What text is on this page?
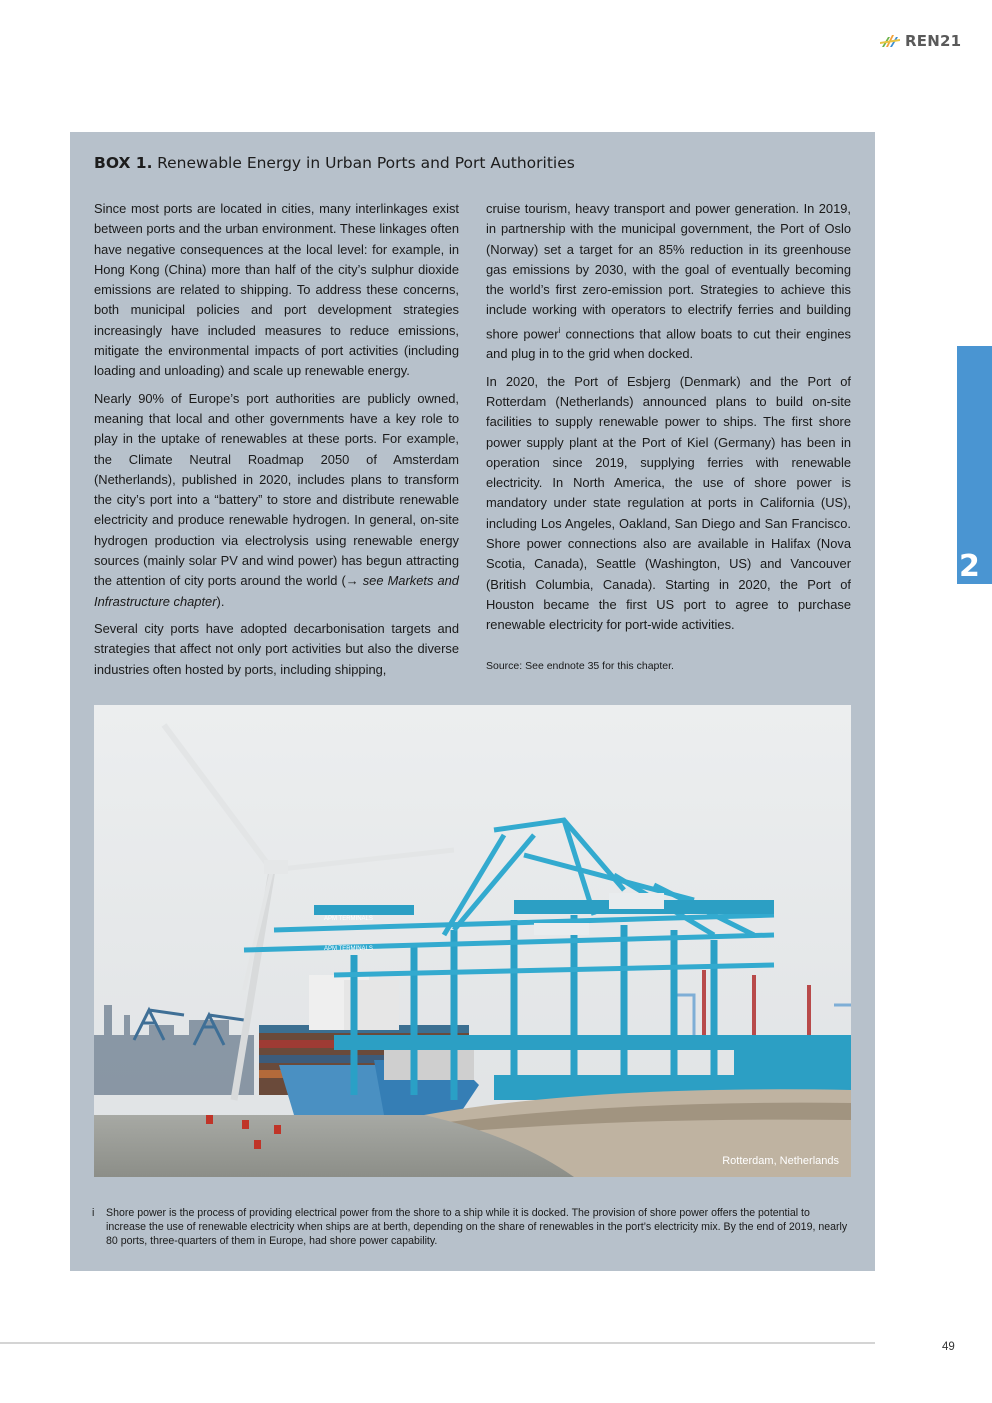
REN21
2
BOX 1. Renewable Energy in Urban Ports and Port Authorities

Since most ports are located in cities, many interlinkages exist between ports and the urban environment. These linkages often have negative consequences at the local level: for example, in Hong Kong (China) more than half of the city’s sulphur dioxide emissions are related to shipping. To address these concerns, both municipal policies and port development strategies increasingly have included measures to reduce emissions, mitigate the environmental impacts of port activities (including loading and unloading) and scale up renewable energy.

Nearly 90% of Europe’s port authorities are publicly owned, meaning that local and other governments have a key role to play in the uptake of renewables at these ports. For example, the Climate Neutral Roadmap 2050 of Amsterdam (Netherlands), published in 2020, includes plans to transform the city’s port into a “battery” to store and distribute renewable electricity and produce renewable hydrogen. In general, on-site hydrogen production via electrolysis using renewable energy sources (mainly solar PV and wind power) has begun attracting the attention of city ports around the world (→ see Markets and Infrastructure chapter).

Several city ports have adopted decarbonisation targets and strategies that affect not only port activities but also the diverse industries often hosted by ports, including shipping,

cruise tourism, heavy transport and power generation. In 2019, in partnership with the municipal government, the Port of Oslo (Norway) set a target for an 85% reduction in its greenhouse gas emissions by 2030, with the goal of eventually becoming the world’s first zero-emission port. Strategies to achieve this include working with operators to electrify ferries and building shore power$^i$ connections that allow boats to cut their engines and plug in to the grid when docked.

In 2020, the Port of Esbjerg (Denmark) and the Port of Rotterdam (Netherlands) announced plans to build on-site facilities to supply renewable power to ships. The first shore power supply plant at the Port of Kiel (Germany) has been in operation since 2019, supplying ferries with renewable electricity. In North America, the use of shore power is mandatory under state regulation at ports in California (US), including Los Angeles, Oakland, San Diego and San Francisco. Shore power connections also are available in Halifax (Nova Scotia, Canada), Seattle (Washington, US) and Vancouver (British Columbia, Canada). Starting in 2020, the Port of Houston became the first US port to agree to purchase renewable electricity for port-wide activities.

Source: See endnote 35 for this chapter.

APM TERMINALS
APM TERMINALS
Rotterdam, Netherlands
i Shore power is the process of providing electrical power from the shore to a ship while it is docked. The provision of shore power offers the potential to increase the use of renewable electricity when ships are at berth, depending on the share of renewables in the port’s electricity mix. By the end of 2019, nearly 80 ports, three-quarters of them in Europe, had shore power capability.
49
